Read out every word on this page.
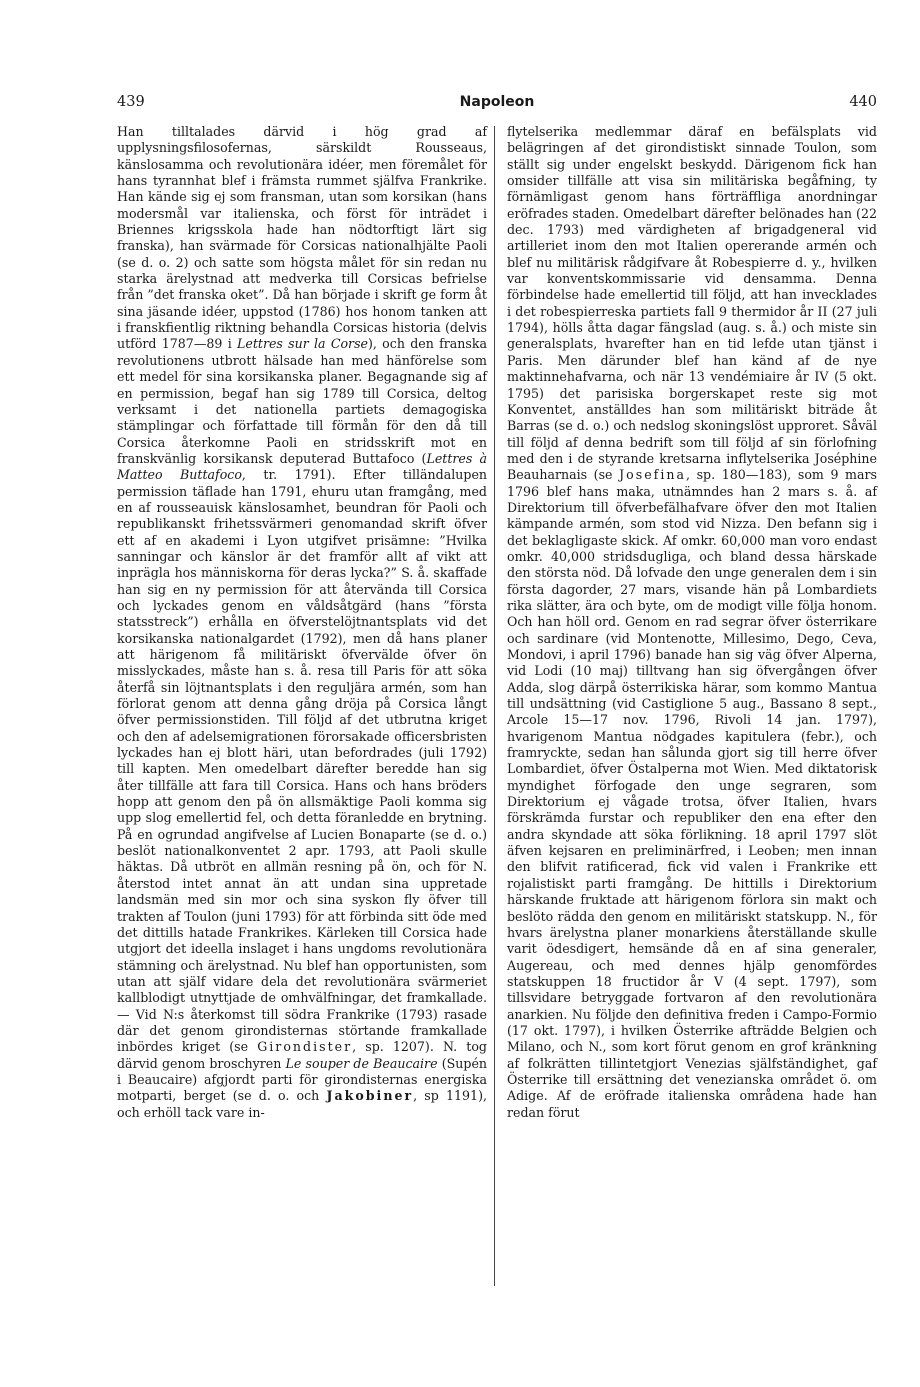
439	Napoleon	440

Han tilltalades därvid i hög grad af upplysningsfilosofernas, särskildt Rousseaus, känslosamma och revolutionära idéer, men föremålet för hans tyrannhat blef i främsta rummet själfva Frankrike. Han kände sig ej som fransman, utan som korsikan (hans modersmål var italienska, och först för inträdet i Briennes krigsskola hade han nödtorftigt lärt sig franska), han svärmade för Corsicas nationalhjälte Paoli (se d. o. 2) och satte som högsta målet för sin redan nu starka ärelystnad att medverka till Corsicas befrielse från ”det franska oket”. Då han började i skrift ge form åt sina jäsande idéer, uppstod (1786) hos honom tanken att i franskfientlig riktning behandla Corsicas historia (delvis utförd 1787—89 i Lettres sur la Corse), och den franska revolutionens utbrott hälsade han med hänförelse som ett medel för sina korsikanska planer. Begagnande sig af en permission, begaf han sig 1789 till Corsica, deltog verksamt i det nationella partiets demagogiska stämplingar och författade till förmån för den då till Corsica återkomne Paoli en stridsskrift mot en franskvänlig korsikansk deputerad Buttafoco (Lettres à Matteo Buttafoco, tr. 1791). Efter tilländalupen permission täflade han 1791, ehuru utan framgång, med en af rousseauisk känslosamhet, beundran för Paoli och republikanskt frihetssvärmeri genomandad skrift öfver ett af en akademi i Lyon utgifvet prisämne: ”Hvilka sanningar och känslor är det framför allt af vikt att inprägla hos människorna för deras lycka?” S. å. skaffade han sig en ny permission för att återvända till Corsica och lyckades genom en våldsåtgärd (hans ”första statsstreck”) erhålla en öfverstelöjtnantsplats vid det korsikanska nationalgardet (1792), men då hans planer att härigenom få militäriskt öfvervälde öfver ön misslyckades, måste han s. å. resa till Paris för att söka återfå sin löjtnantsplats i den reguljära armén, som han förlorat genom att denna gång dröja på Corsica långt öfver permissionstiden. Till följd af det utbrutna kriget och den af adelsemigrationen förorsakade officersbristen lyckades han ej blott häri, utan befordrades (juli 1792) till kapten. Men omedelbart därefter beredde han sig åter tillfälle att fara till Corsica. Hans och hans bröders hopp att genom den på ön allsmäktige Paoli komma sig upp slog emellertid fel, och detta föranledde en brytning. På en ogrundad angifvelse af Lucien Bonaparte (se d. o.) beslöt nationalkonventet 2 apr. 1793, att Paoli skulle häktas. Då utbröt en allmän resning på ön, och för N. återstod intet annat än att undan sina uppretade landsmän med sin mor och sina syskon fly öfver till trakten af Toulon (juni 1793) för att förbinda sitt öde med det dittills hatade Frankrikes. Kärleken till Corsica hade utgjort det ideella inslaget i hans ungdoms revolutionära stämning och ärelystnad. Nu blef han opportunisten, som utan att själf vidare dela det revolutionära svärmeriet kallblodigt utnyttjade de omhvälfningar, det framkallade. — Vid N:s återkomst till södra Frankrike (1793) rasade där det genom girondisternas störtande framkallade inbördes kriget (se Girondister, sp. 1207). N. tog därvid genom broschyren Le souper de Beaucaire (Supén i Beaucaire) afgjordt parti för girondisternas energiska motparti, berget (se d. o. och Jakobiner, sp 1191), och erhöll tack vare in-

flytelserika medlemmar däraf en befälsplats vid belägringen af det girondistiskt sinnade Toulon, som ställt sig under engelskt beskydd. Därigenom fick han omsider tillfälle att visa sin militäriska begåfning, ty förnämligast genom hans förträffliga anordningar eröfrades staden. Omedelbart därefter belönades han (22 dec. 1793) med värdigheten af brigadgeneral vid artilleriet inom den mot Italien opererande armén och blef nu militärisk rådgifvare åt Robespierre d. y., hvilken var konventskommissarie vid densamma. Denna förbindelse hade emellertid till följd, att han invecklades i det robespierreska partiets fall 9 thermidor år II (27 juli 1794), hölls åtta dagar fängslad (aug. s. å.) och miste sin generalsplats, hvarefter han en tid lefde utan tjänst i Paris. Men därunder blef han känd af de nye maktinnehafvarna, och när 13 vendémiaire år IV (5 okt. 1795) det parisiska borgerskapet reste sig mot Konventet, anställdes han som militäriskt biträde åt Barras (se d. o.) och nedslog skoningslöst upproret. Såväl till följd af denna bedrift som till följd af sin förlofning med den i de styrande kretsarna inflytelserika Joséphine Beauharnais (se Josefina, sp. 180—183), som 9 mars 1796 blef hans maka, utnämndes han 2 mars s. å. af Direktorium till öfverbefälhafvare öfver den mot Italien kämpande armén, som stod vid Nizza. Den befann sig i det beklagligaste skick. Af omkr. 60,000 man voro endast omkr. 40,000 stridsdugliga, och bland dessa härskade den största nöd. Då lofvade den unge generalen dem i sin första dagorder, 27 mars, visande hän på Lombardiets rika slätter, ära och byte, om de modigt ville följa honom. Och han höll ord. Genom en rad segrar öfver österrikare och sardinare (vid Montenotte, Millesimo, Dego, Ceva, Mondovi, i april 1796) banade han sig väg öfver Alperna, vid Lodi (10 maj) tilltvang han sig öfvergången öfver Adda, slog därpå österrikiska härar, som kommo Mantua till undsättning (vid Castiglione 5 aug., Bassano 8 sept., Arcole 15—17 nov. 1796, Rivoli 14 jan. 1797), hvarigenom Mantua nödgades kapitulera (febr.), och framryckte, sedan han sålunda gjort sig till herre öfver Lombardiet, öfver Östalperna mot Wien. Med diktatorisk myndighet förfogade den unge segraren, som Direktorium ej vågade trotsa, öfver Italien, hvars förskrämda furstar och republiker den ena efter den andra skyndade att söka förlikning. 18 april 1797 slöt äfven kejsaren en preliminärfred, i Leoben; men innan den blifvit ratificerad, fick vid valen i Frankrike ett rojalistiskt parti framgång. De hittills i Direktorium härskande fruktade att härigenom förlora sin makt och beslöto rädda den genom en militäriskt statskupp. N., för hvars ärelystna planer monarkiens återställande skulle varit ödesdigert, hemsände då en af sina generaler, Augereau, och med dennes hjälp genomfördes statskuppen 18 fructidor år V (4 sept. 1797), som tillsvidare betryggade fortvaron af den revolutionära anarkien. Nu följde den definitiva freden i Campo-Formio (17 okt. 1797), i hvilken Österrike afträdde Belgien och Milano, och N., som kort förut genom en grof kränkning af folkrätten tillintetgjort Venezias själfständighet, gaf Österrike till ersättning det venezianska området ö. om Adige. Af de eröfrade italienska områdena hade han redan förut
